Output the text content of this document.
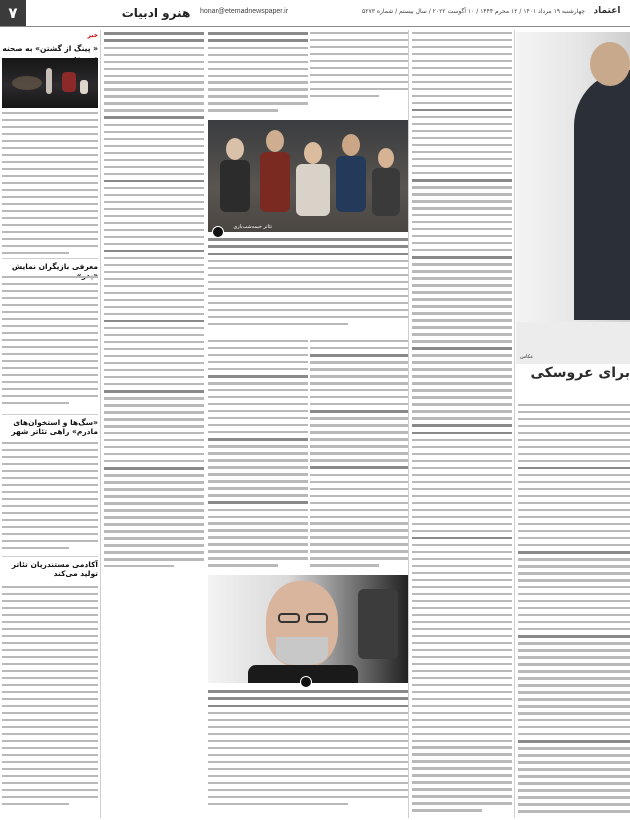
۷	هنرو ادبیات	honar@etemadnewspaper.ir	چهارشنبه ۱۹ مرداد ۱۴۰۱ / ۱۲ محرم ۱۴۴۴ / ۱۰ آگوست ۲۰۲۲ / سال بیستم / شماره ۵۲۷۳ اعتماد
خبر
« پینگ از گشتن» به صحنه
معرفی بازیگران نمایش
«سگ‌ها و استخوان‌های مادرم» راهی تئاتر شهر
آکادمی مستندریان تئاتر تولید می‌کند
تئاتر خیمه‌شب‌بازی
عکاس
برای عروسکی
